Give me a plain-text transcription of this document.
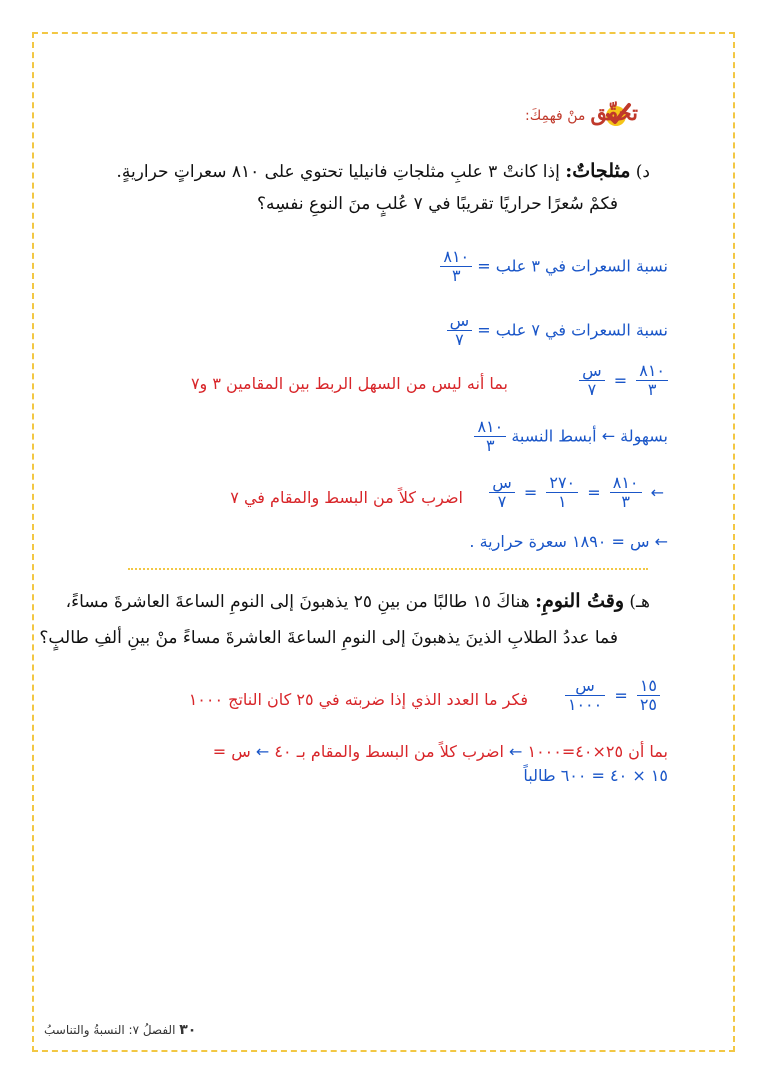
تحقّق منْ فهمِكَ:
د) مثلجاتٌ: إذا كانتْ ٣ علبِ مثلجاتِ فانيليا تحتوي على ٨١٠ سعراتٍ حراريةٍ.
فكمْ سُعرًا حراريًا تقريبًا في ٧ عُلبٍ منَ النوعِ نفسِه؟
نسبة السعرات في ٣ علب =
$\frac{٨١٠}{٣}$
نسبة السعرات في ٧ علب =
$\frac{\text{س}}{٧}$
$\frac{٨١٠}{٣}$
=
$\frac{\text{س}}{٧}$
بما أنه ليس من السهل الربط بين المقامين ٣ و٧
بسهولة ← أبسط النسبة
$\frac{٨١٠}{٣}$
←
$\frac{٨١٠}{٣}$
=
$\frac{٢٧٠}{١}$
=
$\frac{\text{س}}{٧}$
اضرب كلاً من البسط والمقام في ٧
← س = ١٨٩٠ سعرة حرارية .
هـ) وقتُ النومِ: هناكَ ١٥ طالبًا من بينِ ٢٥ يذهبونَ إلى النومِ الساعةَ العاشرةَ مساءً،
فما عددُ الطلابِ الذينَ يذهبونَ إلى النومِ الساعةَ العاشرةَ مساءً منْ بينِ ألفِ طالبٍ؟
$\frac{١٥}{٢٥}$
=
$\frac{\text{س}}{١٠٠٠}$
فكر ما العدد الذي إذا ضربته في ٢٥ كان الناتج ١٠٠٠
بما أن ٢٥×٤٠=١٠٠٠ ← اضرب كلاً من البسط والمقام بـ ٤٠ ← س =
١٥ × ٤٠ = ٦٠٠ طالباً
٣٠ الفصلُ ٧: النسبةُ والتناسبُ
